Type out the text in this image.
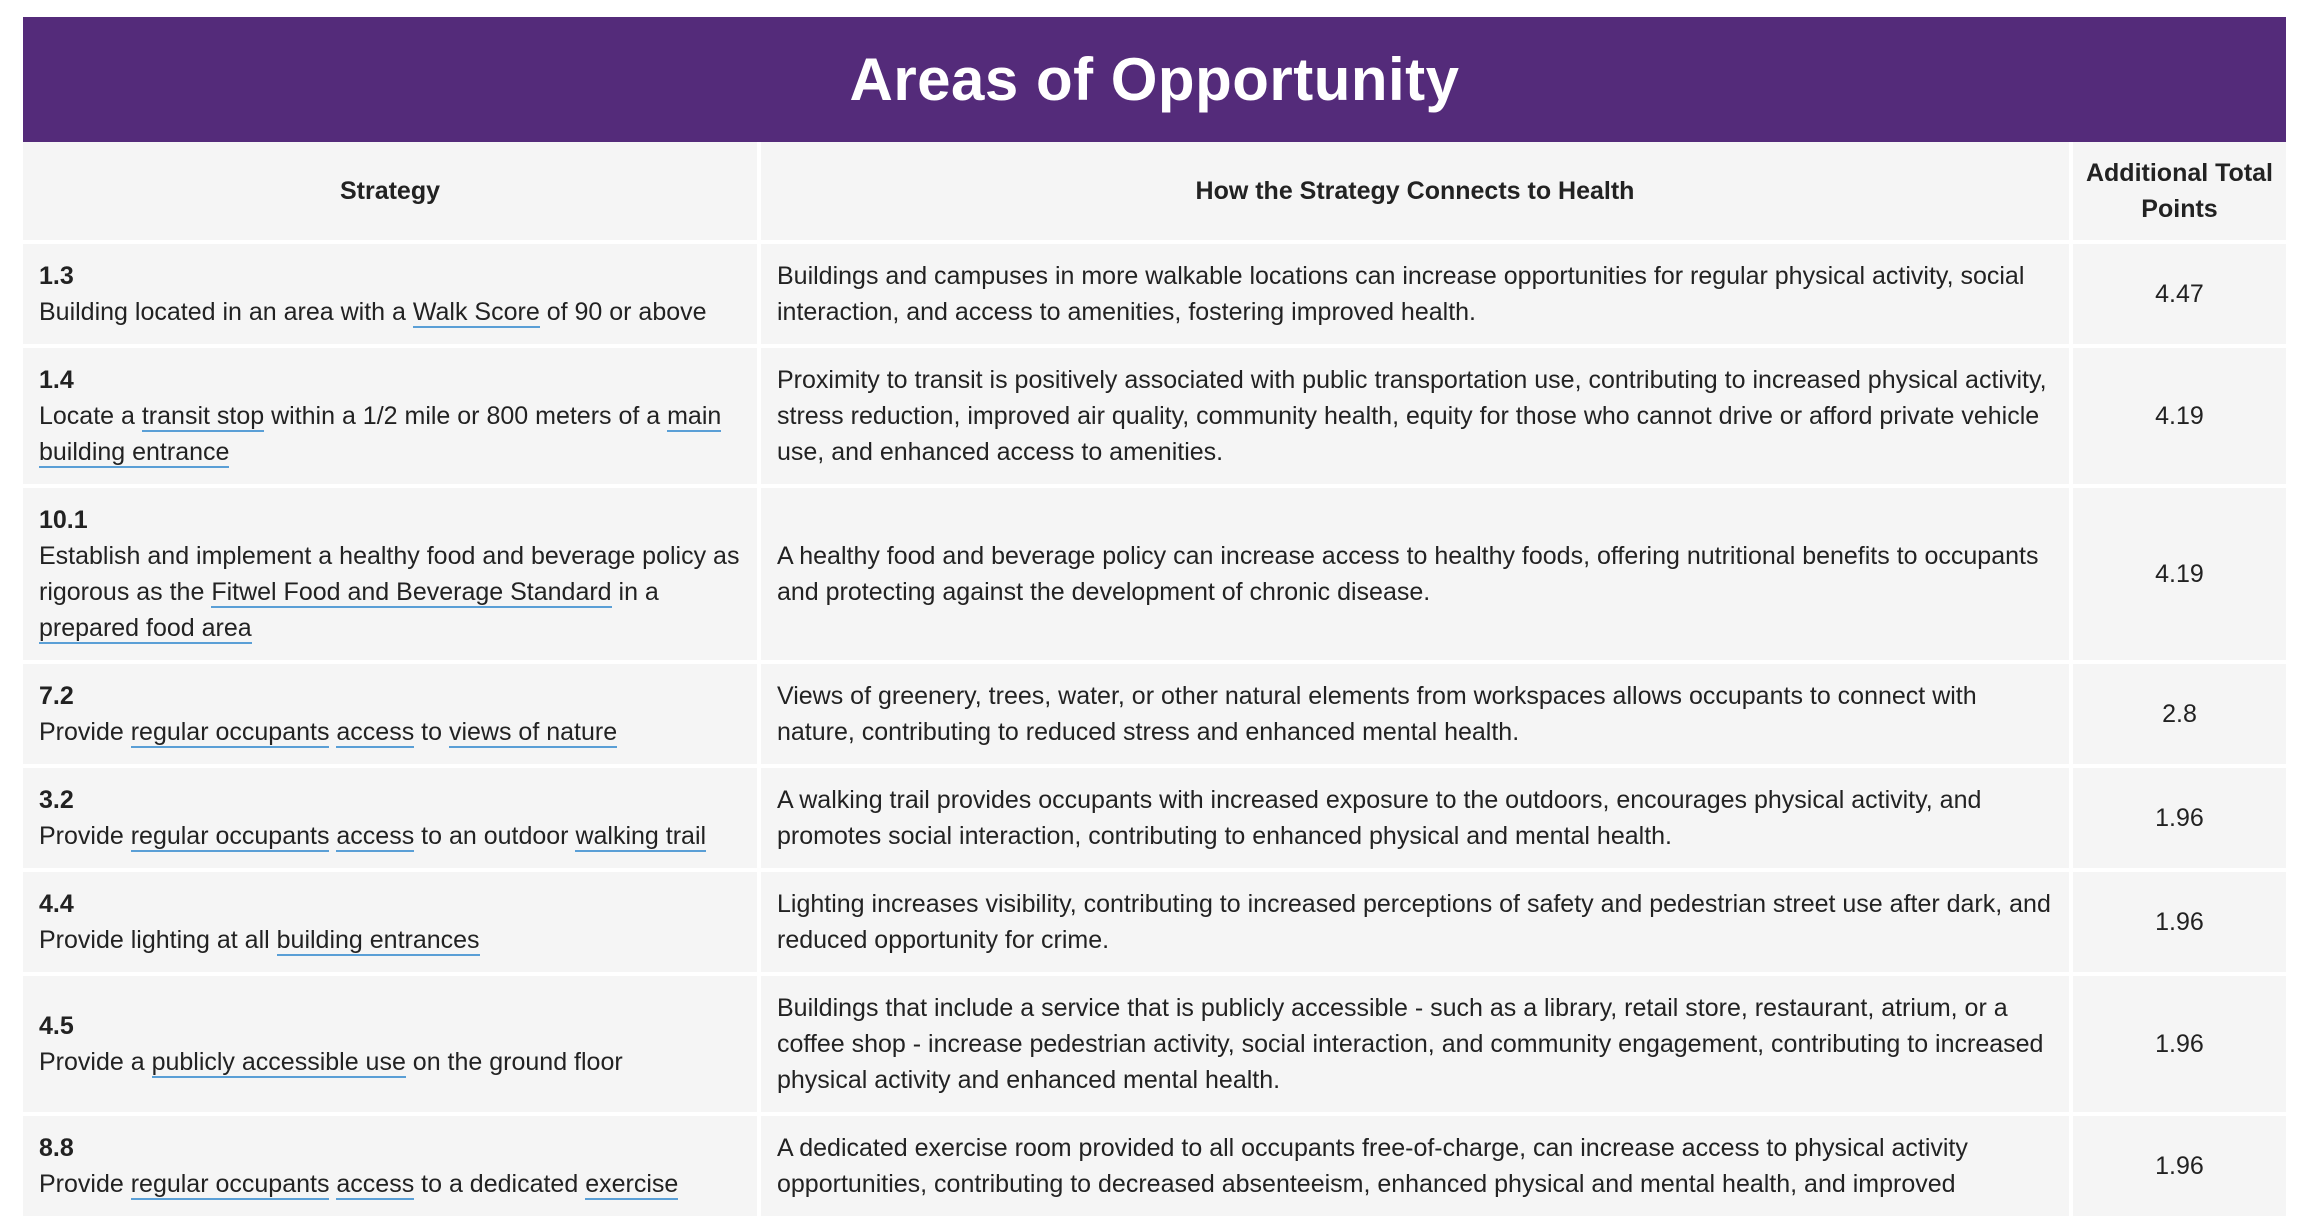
Areas of Opportunity
Strategy	How the Strategy Connects to Health	Additional Total Points

1.3
Building located in an area with a Walk Score of 90 or above	Buildings and campuses in more walkable locations can increase opportunities for regular physical activity, social interaction, and access to amenities, fostering improved health.	4.47

1.4
Locate a transit stop within a 1/2 mile or 800 meters of a main building entrance	Proximity to transit is positively associated with public transportation use, contributing to increased physical activity, stress reduction, improved air quality, community health, equity for those who cannot drive or afford private vehicle use, and enhanced access to amenities.	4.19

10.1
Establish and implement a healthy food and beverage policy as rigorous as the Fitwel Food and Beverage Standard in a prepared food area	A healthy food and beverage policy can increase access to healthy foods, offering nutritional benefits to occupants and protecting against the development of chronic disease.	4.19

7.2
Provide regular occupants access to views of nature	Views of greenery, trees, water, or other natural elements from workspaces allows occupants to connect with nature, contributing to reduced stress and enhanced mental health.	2.8

3.2
Provide regular occupants access to an outdoor walking trail	A walking trail provides occupants with increased exposure to the outdoors, encourages physical activity, and promotes social interaction, contributing to enhanced physical and mental health.	1.96

4.4
Provide lighting at all building entrances	Lighting increases visibility, contributing to increased perceptions of safety and pedestrian street use after dark, and reduced opportunity for crime.	1.96

4.5
Provide a publicly accessible use on the ground floor	Buildings that include a service that is publicly accessible - such as a library, retail store, restaurant, atrium, or a coffee shop - increase pedestrian activity, social interaction, and community engagement, contributing to increased physical activity and enhanced mental health.	1.96

8.8
Provide regular occupants access to a dedicated exercise	A dedicated exercise room provided to all occupants free-of-charge, can increase access to physical activity opportunities, contributing to decreased absenteeism, enhanced physical and mental health, and improved	1.96
